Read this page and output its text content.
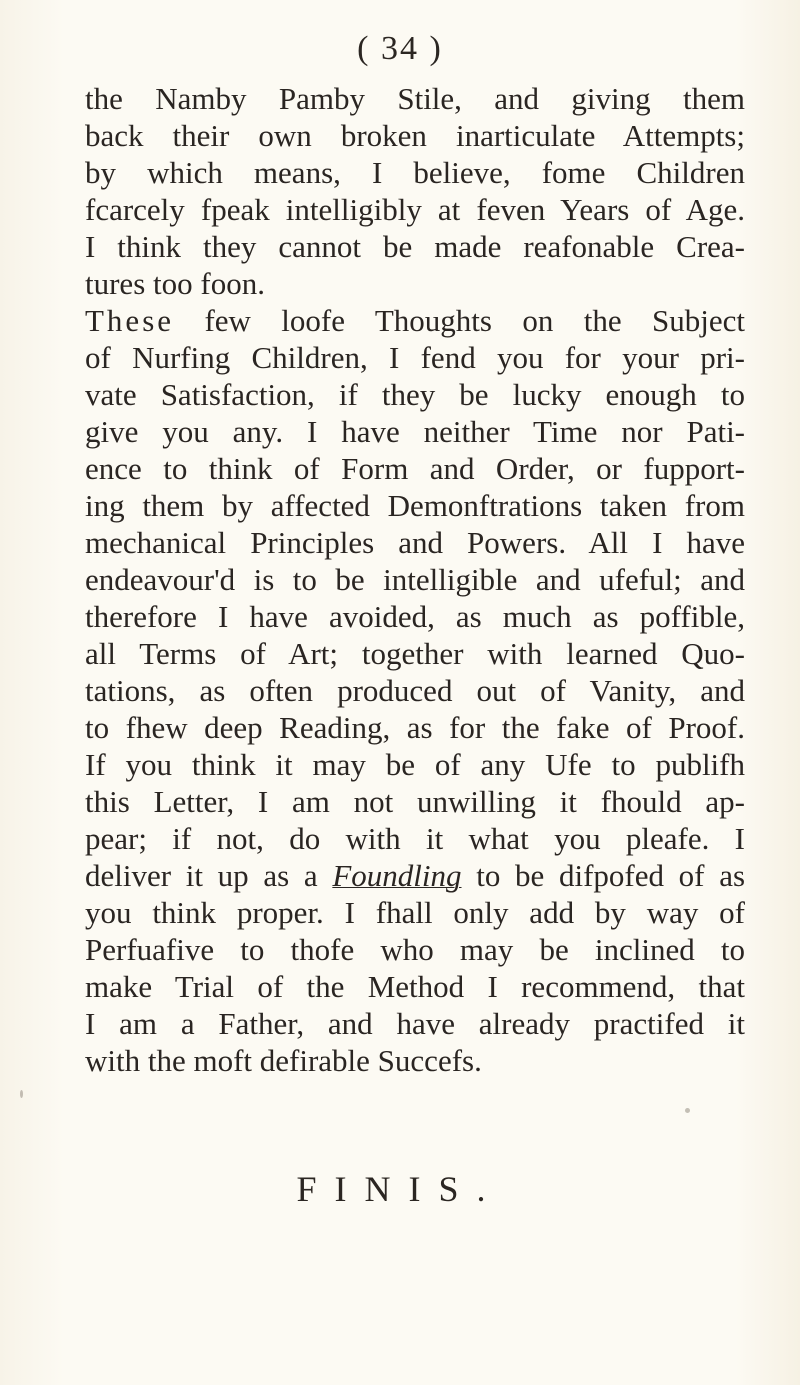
( 34 )
the Namby Pamby Stile, and giving them
back their own broken inarticulate Attempts;
by which means, I believe, fome Children
fcarcely fpeak intelligibly at feven Years of Age.
I think they cannot be made reafonable Crea-
tures too foon.
These few loofe Thoughts on the Subject
of Nurfing Children, I fend you for your pri-
vate Satisfaction, if they be lucky enough to
give you any. I have neither Time nor Pati-
ence to think of Form and Order, or fupport-
ing them by affected Demonftrations taken from
mechanical Principles and Powers. All I have
endeavour'd is to be intelligible and ufeful; and
therefore I have avoided, as much as poffible,
all Terms of Art; together with learned Quo-
tations, as often produced out of Vanity, and
to fhew deep Reading, as for the fake of Proof.
If you think it may be of any Ufe to publifh
this Letter, I am not unwilling it fhould ap-
pear; if not, do with it what you pleafe. I
deliver it up as a Foundling to be difpofed of as
you think proper. I fhall only add by way of
Perfuafive to thofe who may be inclined to
make Trial of the Method I recommend, that
I am a Father, and have already practifed it
with the moft defirable Succefs.
FINIS.
